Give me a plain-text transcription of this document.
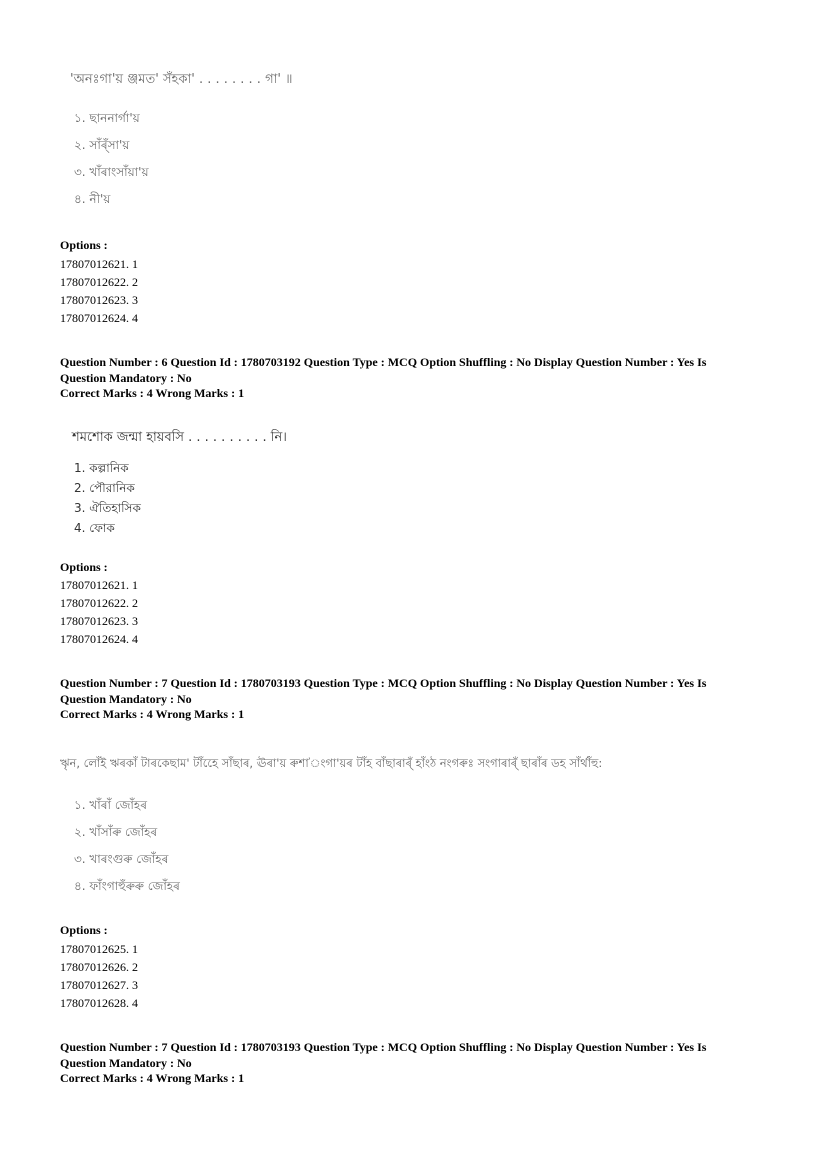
'অনঃগা'য় ঞ্জমত' সঁহকা' . . . . . . . . গা' ॥
১. ছাননাৰ্গা'য়
২. সাঁৰ্ঁসা'য়
৩. খাঁৰাংসাঁয়া'য়
৪. নী'য়
Options :
17807012621. 1
17807012622. 2
17807012623. 3
17807012624. 4
Question Number : 6 Question Id : 1780703192 Question Type : MCQ Option Shuffling : No Display Question Number : Yes Is Question Mandatory : No
Correct Marks : 4 Wrong Marks : 1
শমশোক জন্মা হায়বসি . . . . . . . . . . নি।
1. কল্পানিক
2. পৌরানিক
3. ঐতিহাসিক
4. ফোক
Options :
17807012621. 1
17807012622. 2
17807012623. 3
17807012624. 4
Question Number : 7 Question Id : 1780703193 Question Type : MCQ Option Shuffling : No Display Question Number : Yes Is Question Mandatory : No
Correct Marks : 4 Wrong Marks : 1
ৠন, লোঁই ঋৰকাঁ টাৰকেছাম' টাঁহেে সাঁছাৰ, ঊৰা'য় ৰুশা'ংগা'য়ৰ টাঁহ বাঁছাৰাৰ্ঁ হাঁংঠ নংগৰুঃ সংগাৰাৰ্ঁ ছাৰাঁৰ ডহ সাঁৰ্থাঁহু:
১. খাঁৰাঁ জোঁহৰ
২. খাঁসাঁৰু জোঁহৰ
৩. খাৰংগুৰু জোঁহৰ
৪. ফাঁংগাহুঁৰুৰু জোঁহৰ
Options :
17807012625. 1
17807012626. 2
17807012627. 3
17807012628. 4
Question Number : 7 Question Id : 1780703193 Question Type : MCQ Option Shuffling : No Display Question Number : Yes Is Question Mandatory : No
Correct Marks : 4 Wrong Marks : 1
